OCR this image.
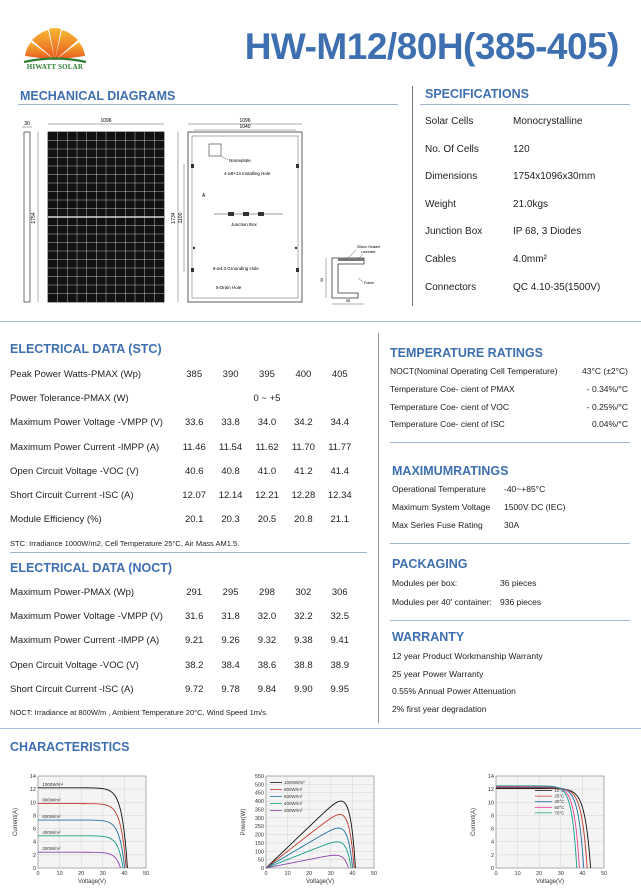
HIWATT SOLAR	HW-M12/80H(385-405)
MECHANICAL DIAGRAMS
30
1754
1096	1096
1040
1734 1100
A
Nameplate
4-ø9×14 Installing Hole
Junction Box
8-ø4.3 Grounding Hole
8-Drain Hole
Silicon Sealant
Laminate
Frame
35
30
SPECIFICATIONS
Solar Cells	Monocrystalline
No. Of Cells	120
Dimensions	1754x1096x30mm
Weight	21.0kgs
Junction Box	IP 68, 3 Diodes
Cables	4.0mm²
Connectors	QC 4.10-35(1500V)
ELECTRICAL DATA (STC)
Peak Power Watts-PMAX (Wp)	385	390	395	400	405
Power Tolerance-PMAX (W)	0 ~ +5				
Maximum Power Voltage -VMPP (V)	33.6	33.8	34.0	34.2	34.4
Maximum Power Current -IMPP (A)	11.46	11.54	11.62	11.70	11.77
Open Circuit Voltage -VOC (V)	40.6	40.8	41.0	41.2	41.4
Short Circuit Current -ISC (A)	12.07	12.14	12.21	12.28	12.34
Module Efficiency (%)	20.1	20.3	20.5	20.8	21.1
STC: Irradiance 1000W/m2, Cell Temperature 25°C, Air Mass AM1.5.
ELECTRICAL DATA (NOCT)
Maximum Power-PMAX (Wp)	291	295	298	302	306
Maximum Power Voltage -VMPP (V)	31.6	31.8	32.0	32.2	32.5
Maximum Power Current -IMPP (A)	9.21	9.26	9.32	9.38	9.41
Open Circuit Voltage -VOC (V)	38.2	38.4	38.6	38.8	38.9
Short Circuit Current -ISC (A)	9.72	9.78	9.84	9.90	9.95
NOCT: Irradiance at 800W/m , Ambient Temperature 20°C, Wind Speed 1m/s.
TEMPERATURE RATINGS
NOCT(Nominal Operating Cell Temperature)	43°C (±2°C)
Temperature Coe- cient of PMAX	- 0.34%/°C
Temperature Coe- cient of VOC	- 0.25%/°C
Temperature Coe- cient of ISC	0.04%/°C
MAXIMUMRATINGS
Operational Temperature -40~+85°C
Maximum System Voltage 1500V DC (IEC)
Max Series Fuse Rating	30A
PACKAGING
Modules per box:	36 pieces
Modules per 40' container: 936 pieces
WARRANTY
12 year Product Workmanship Warranty
25 year Power Warranty
0.55% Annual Power Attenuation
2% first year degradation
CHARACTERISTICS
0
2
4
6
8
10
12
14
0	10	20	30	40	50
Voltage(V)
Current(A)
1000W/m²
800W/m²
600W/m²
400W/m²
200W/m²
0
50
100
150
200
250
300
350
400
450
500
550
0	10	20	30	40	50
Voltage(V)
Power(W)
1000W/m²
800W/m²
600W/m²
400W/m²
200W/m²
0
2
4
6
8
10
12
14
0	10	20	30	40	50
Voltage(V)
Current(A)
10°C
25°C
40°C
60°C
70°C
